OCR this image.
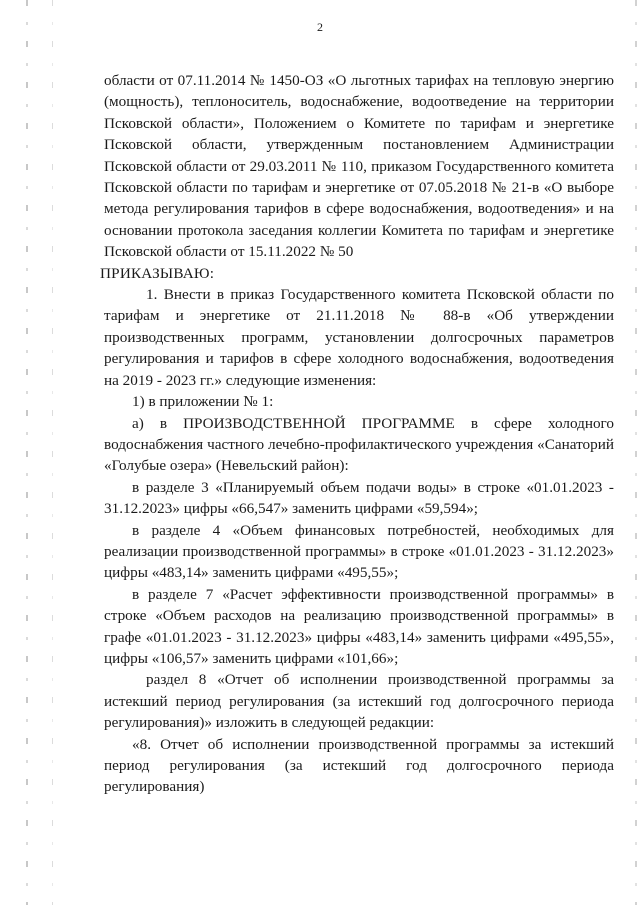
2

области от 07.11.2014 № 1450-ОЗ «О льготных тарифах на тепловую энергию (мощность), теплоноситель, водоснабжение, водоотведение на территории Псковской области», Положением о Комитете по тарифам и энергетике Псковской области, утвержденным постановлением Администрации Псковской области от 29.03.2011 № 110, приказом Государственного комитета Псковской области по тарифам и энергетике от 07.05.2018 № 21-в «О выборе метода регулирования тарифов в сфере водоснабжения, водоотведения» и на основании протокола заседания коллегии Комитета по тарифам и энергетике Псковской области от 15.11.2022 № 50

ПРИКАЗЫВАЮ:

1. Внести в приказ Государственного комитета Псковской области по тарифам и энергетике от 21.11.2018 № 88-в «Об утверждении производственных программ, установлении долгосрочных параметров регулирования и тарифов в сфере холодного водоснабжения, водоотведения на 2019 - 2023 гг.» следующие изменения:

1) в приложении № 1:

а) в ПРОИЗВОДСТВЕННОЙ ПРОГРАММЕ в сфере холодного водоснабжения частного лечебно-профилактического учреждения «Санаторий «Голубые озера» (Невельский район):

в разделе 3 «Планируемый объем подачи воды» в строке «01.01.2023 - 31.12.2023» цифры «66,547» заменить цифрами «59,594»;

в разделе 4 «Объем финансовых потребностей, необходимых для реализации производственной программы» в строке «01.01.2023 - 31.12.2023» цифры «483,14» заменить цифрами «495,55»;

в разделе 7 «Расчет эффективности производственной программы» в строке «Объем расходов на реализацию производственной программы» в графе «01.01.2023 - 31.12.2023» цифры «483,14» заменить цифрами «495,55», цифры «106,57» заменить цифрами «101,66»;

раздел 8 «Отчет об исполнении производственной программы за истекший период регулирования (за истекший год долгосрочного периода регулирования)» изложить в следующей редакции:

«8. Отчет об исполнении производственной программы за истекший период регулирования (за истекший год долгосрочного периода регулирования)
